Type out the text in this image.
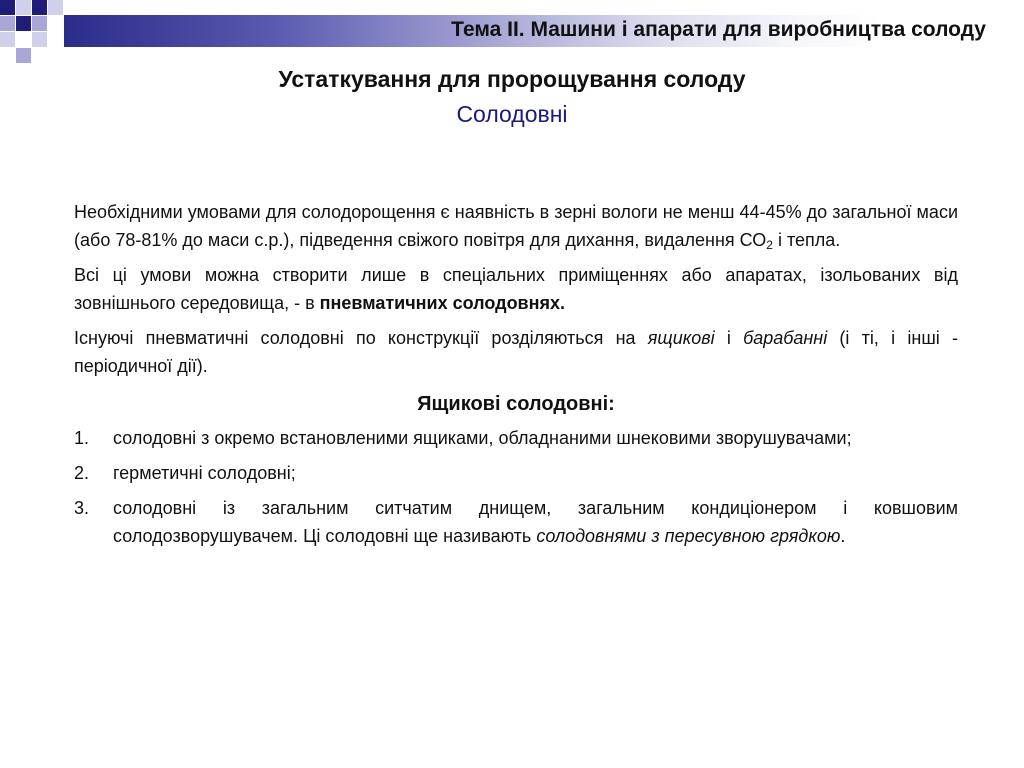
Тема ІІ. Машини і апарати для виробництва солоду
Устаткування для пророщування солоду
Солодовні

Необхідними умовами для солодорощення є наявність в зерні вологи не менш 44-45% до загальної маси (або 78-81% до маси с.р.), підведення свіжого повітря для дихання, видалення $СО_2$ і тепла.

Всі ці умови можна створити лише в спеціальних приміщеннях або апаратах, ізольованих від зовнішнього середовища, - в пневматичних солодовнях.

Існуючі пневматичні солодовні по конструкції розділяються на ящикові і барабанні (і ті, і інші - періодичної дії).

Ящикові солодовні:
1. солодовні з окремо встановленими ящиками, обладнаними шнековими зворушувачами;
2. герметичні солодовні;
3. солодовні із загальним ситчатим днищем, загальним кондиціонером і ковшовим солодозворушувачем. Ці солодовні ще називають солодовнями з пересувною грядкою.
